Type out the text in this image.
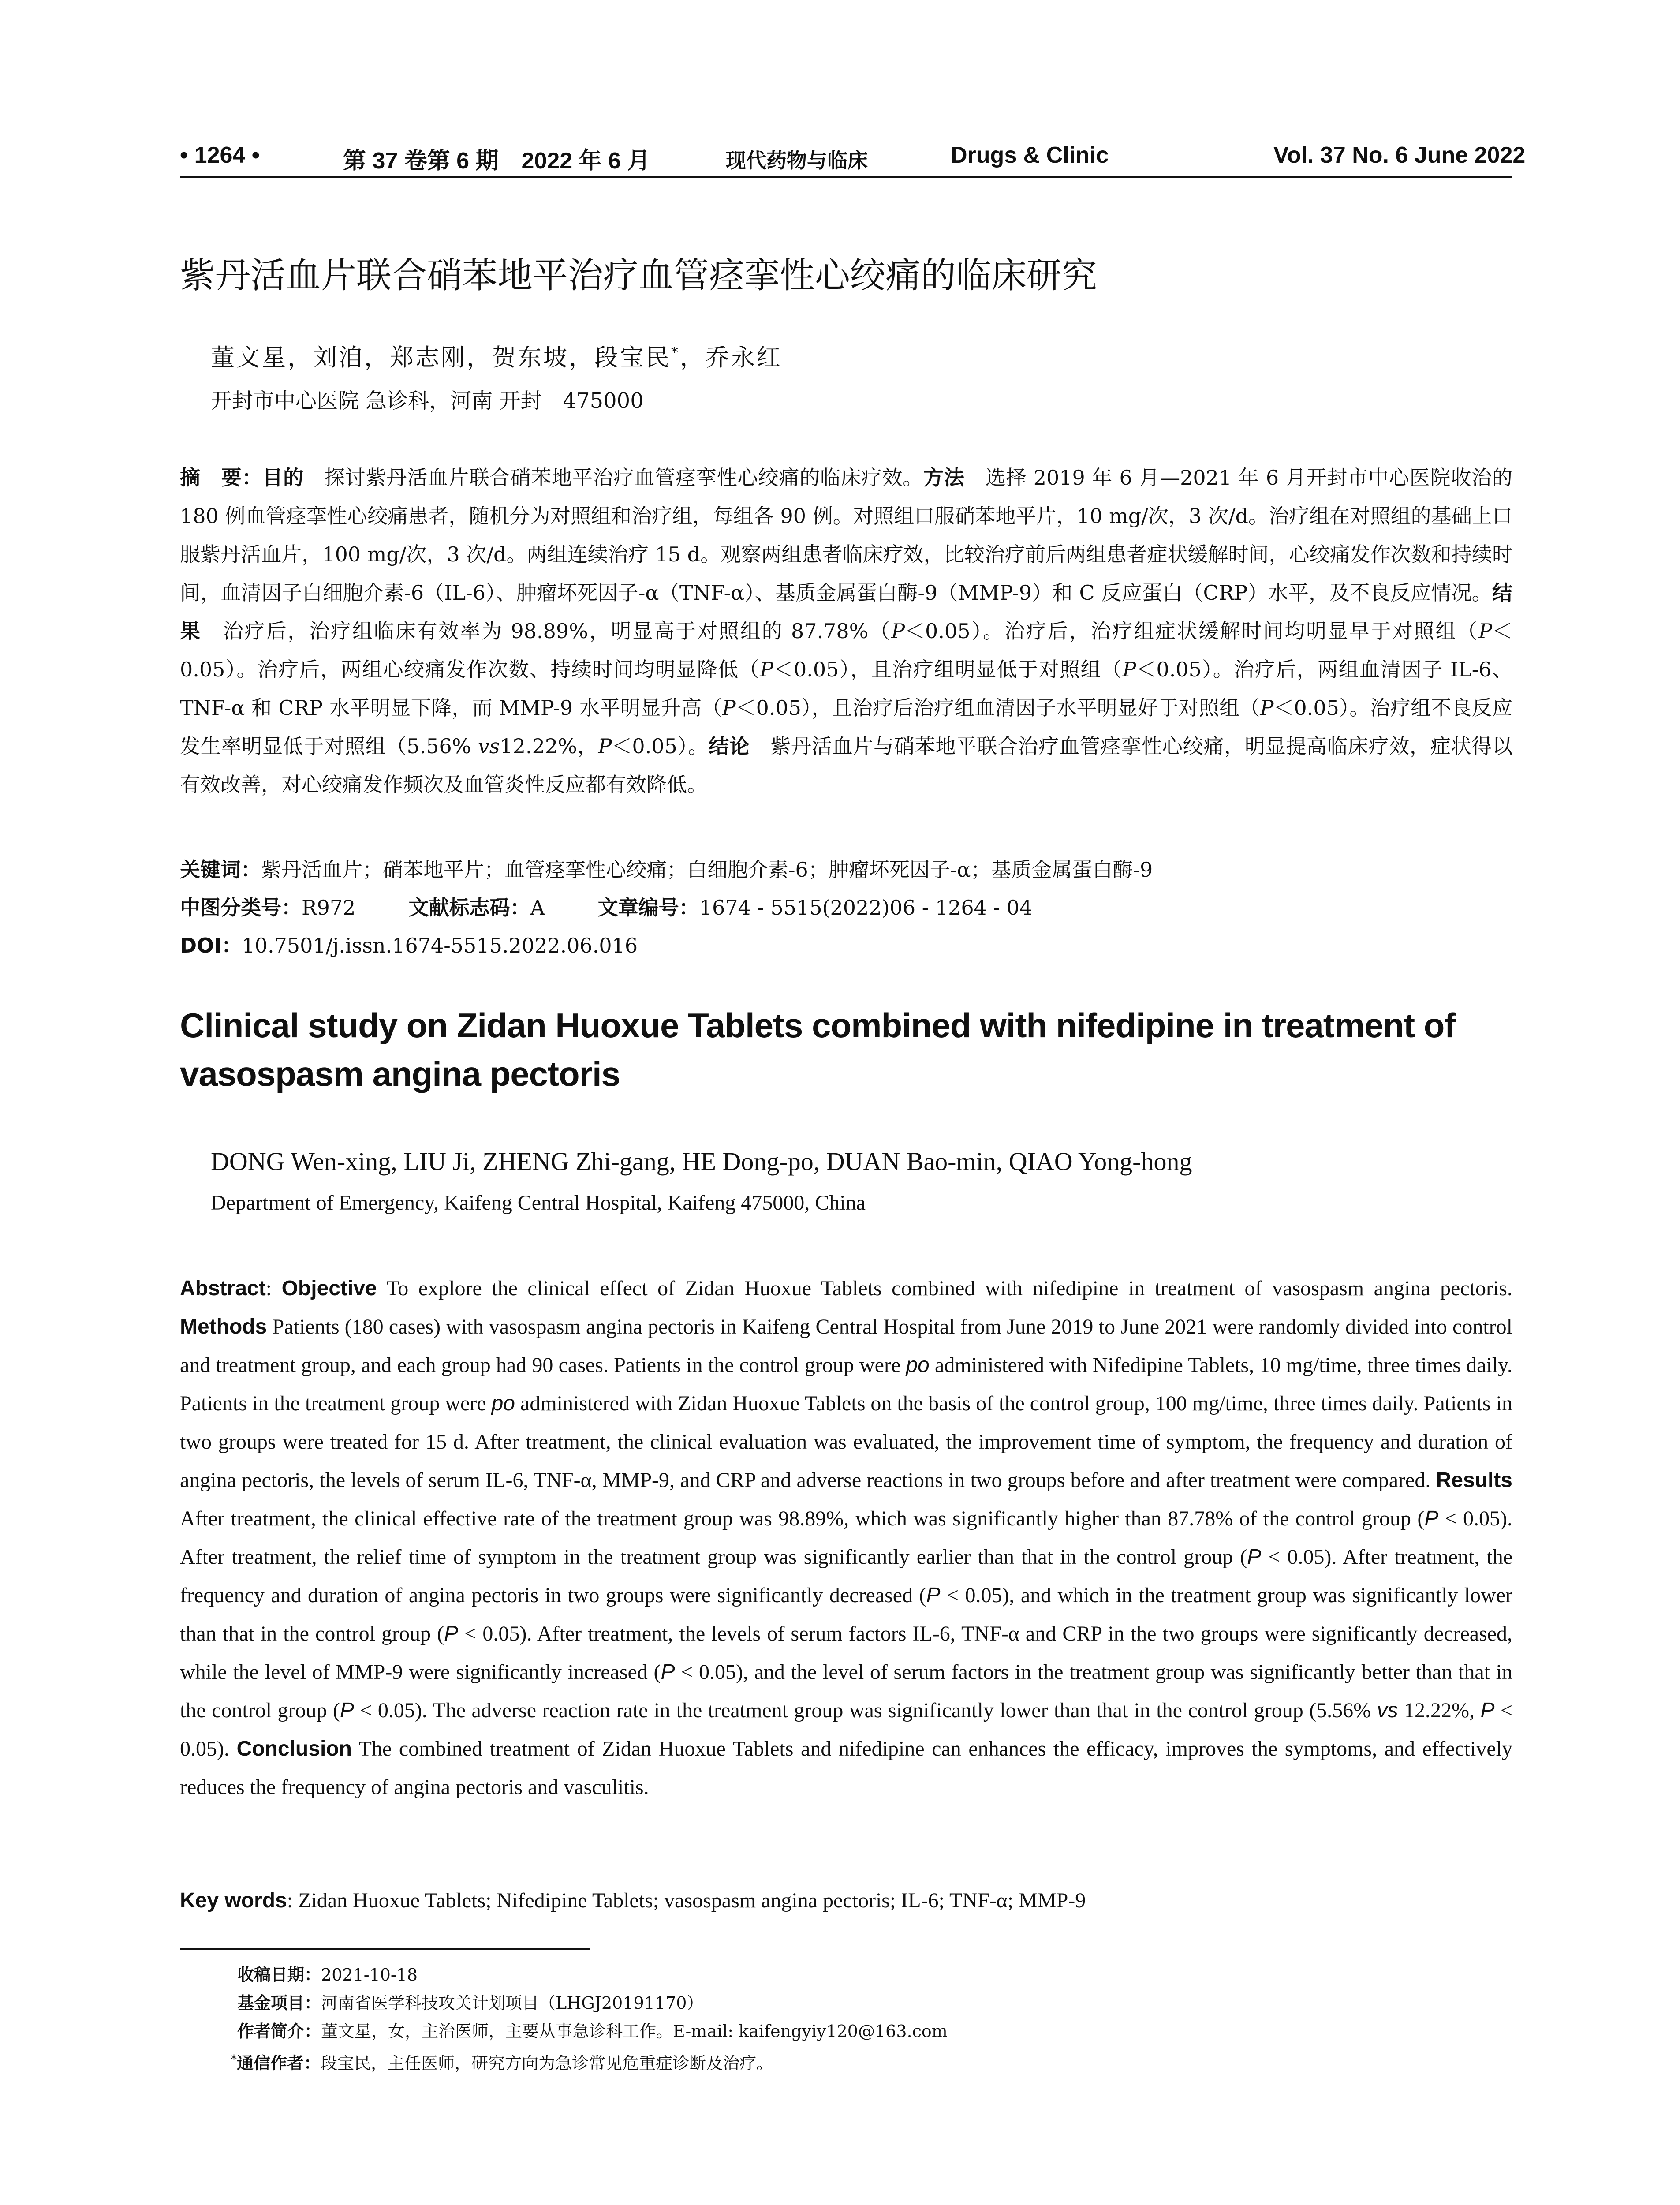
• 1264 •	第 37 卷第 6 期　2022 年 6 月	现代药物与临床	Drugs & Clinic	Vol. 37 No. 6 June 2022
紫丹活血片联合硝苯地平治疗血管痉挛性心绞痛的临床研究
董文星，刘洎，郑志刚，贺东坡，段宝民*，乔永红
开封市中心医院 急诊科，河南 开封　475000

摘　要：目的　探讨紫丹活血片联合硝苯地平治疗血管痉挛性心绞痛的临床疗效。方法　选择 2019 年 6 月—2021 年 6 月开封市中心医院收治的 180 例血管痉挛性心绞痛患者，随机分为对照组和治疗组，每组各 90 例。对照组口服硝苯地平片，10 mg/次，3 次/d。治疗组在对照组的基础上口服紫丹活血片，100 mg/次，3 次/d。两组连续治疗 15 d。观察两组患者临床疗效，比较治疗前后两组患者症状缓解时间，心绞痛发作次数和持续时间，血清因子白细胞介素-6（IL-6）、肿瘤坏死因子-α（TNF-α）、基质金属蛋白酶-9（MMP-9）和 C 反应蛋白（CRP）水平，及不良反应情况。结果　治疗后，治疗组临床有效率为 98.89%，明显高于对照组的 87.78%（P＜0.05）。治疗后，治疗组症状缓解时间均明显早于对照组（P＜0.05）。治疗后，两组心绞痛发作次数、持续时间均明显降低（P＜0.05），且治疗组明显低于对照组（P＜0.05）。治疗后，两组血清因子 IL-6、TNF-α 和 CRP 水平明显下降，而 MMP-9 水平明显升高（P＜0.05），且治疗后治疗组血清因子水平明显好于对照组（P＜0.05）。治疗组不良反应发生率明显低于对照组（5.56% vs12.22%，P＜0.05）。结论　紫丹活血片与硝苯地平联合治疗血管痉挛性心绞痛，明显提高临床疗效，症状得以有效改善，对心绞痛发作频次及血管炎性反应都有效降低。

关键词：紫丹活血片；硝苯地平片；血管痉挛性心绞痛；白细胞介素-6；肿瘤坏死因子-α；基质金属蛋白酶-9
中图分类号：R972	文献标志码：A	文章编号：1674 - 5515(2022)06 - 1264 - 04
DOI：10.7501/j.issn.1674-5515.2022.06.016
Clinical study on Zidan Huoxue Tablets combined with nifedipine in treatment of vasospasm angina pectoris
DONG Wen-xing, LIU Ji, ZHENG Zhi-gang, HE Dong-po, DUAN Bao-min, QIAO Yong-hong
Department of Emergency, Kaifeng Central Hospital, Kaifeng 475000, China

Abstract: Objective To explore the clinical effect of Zidan Huoxue Tablets combined with nifedipine in treatment of vasospasm angina pectoris. Methods Patients (180 cases) with vasospasm angina pectoris in Kaifeng Central Hospital from June 2019 to June 2021 were randomly divided into control and treatment group, and each group had 90 cases. Patients in the control group were po administered with Nifedipine Tablets, 10 mg/time, three times daily. Patients in the treatment group were po administered with Zidan Huoxue Tablets on the basis of the control group, 100 mg/time, three times daily. Patients in two groups were treated for 15 d. After treatment, the clinical evaluation was evaluated, the improvement time of symptom, the frequency and duration of angina pectoris, the levels of serum IL-6, TNF-α, MMP-9, and CRP and adverse reactions in two groups before and after treatment were compared. Results After treatment, the clinical effective rate of the treatment group was 98.89%, which was significantly higher than 87.78% of the control group (P < 0.05). After treatment, the relief time of symptom in the treatment group was significantly earlier than that in the control group (P < 0.05). After treatment, the frequency and duration of angina pectoris in two groups were significantly decreased (P < 0.05), and which in the treatment group was significantly lower than that in the control group (P < 0.05). After treatment, the levels of serum factors IL-6, TNF-α and CRP in the two groups were significantly decreased, while the level of MMP-9 were significantly increased (P < 0.05), and the level of serum factors in the treatment group was significantly better than that in the control group (P < 0.05). The adverse reaction rate in the treatment group was significantly lower than that in the control group (5.56% vs 12.22%, P < 0.05). Conclusion The combined treatment of Zidan Huoxue Tablets and nifedipine can enhances the efficacy, improves the symptoms, and effectively reduces the frequency of angina pectoris and vasculitis.

Key words: Zidan Huoxue Tablets; Nifedipine Tablets; vasospasm angina pectoris; IL-6; TNF-α; MMP-9
收稿日期：2021-10-18
基金项目：河南省医学科技攻关计划项目（LHGJ20191170）
作者简介：董文星，女，主治医师，主要从事急诊科工作。E-mail: kaifengyiy120@163.com
*通信作者：段宝民，主任医师，研究方向为急诊常见危重症诊断及治疗。
